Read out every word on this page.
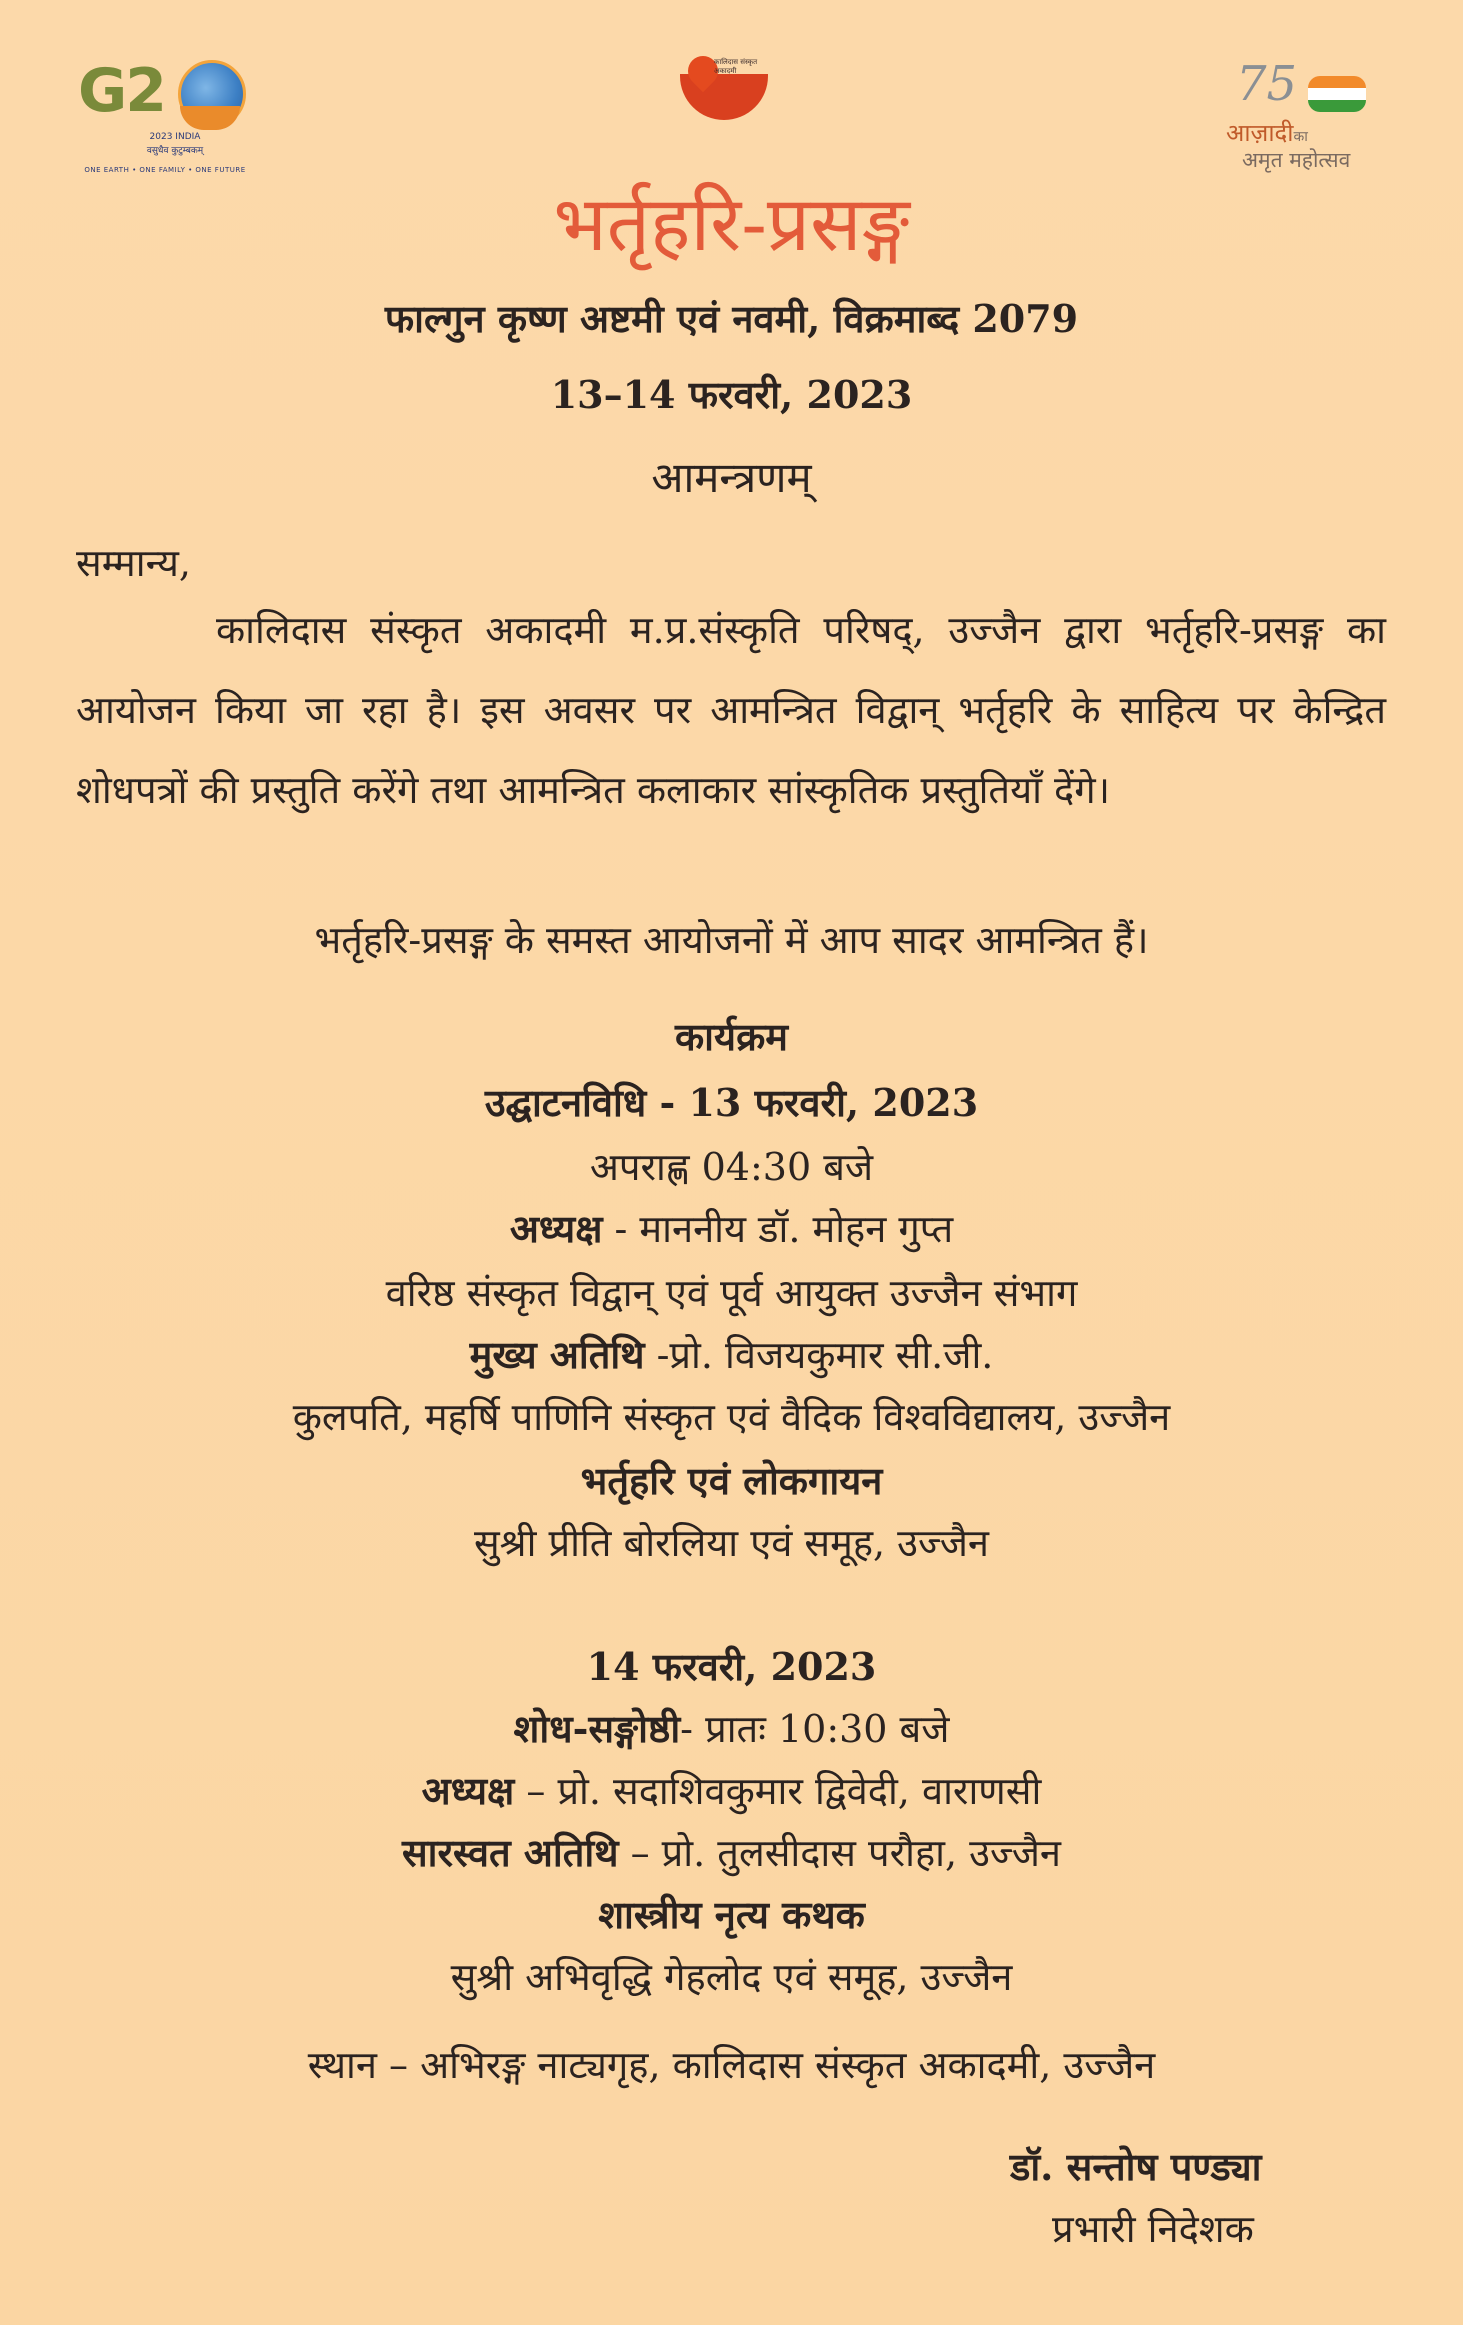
G2
2023 INDIA
वसुधैव कुटुम्बकम्
ONE EARTH • ONE FAMILY • ONE FUTURE
कालिदास संस्कृत अकादमी	75
आज़ादीका
अमृत महोत्सव
भर्तृहरि-प्रसङ्ग
फाल्गुन कृष्ण अष्टमी एवं नवमी, विक्रमाब्द 2079
13–14 फरवरी, 2023
आमन्त्रणम्
सम्मान्य,
कालिदास संस्कृत अकादमी म.प्र.संस्कृति परिषद्, उज्जैन द्वारा भर्तृहरि-प्रसङ्ग का आयोजन किया जा रहा है। इस अवसर पर आमन्त्रित विद्वान् भर्तृहरि के साहित्य पर केन्द्रित शोधपत्रों की प्रस्तुति करेंगे तथा आमन्त्रित कलाकार सांस्कृतिक प्रस्तुतियाँ देंगे।
भर्तृहरि-प्रसङ्ग के समस्त आयोजनों में आप सादर आमन्त्रित हैं।
कार्यक्रम
उद्घाटनविधि - 13 फरवरी, 2023
अपराह्ण 04:30 बजे
अध्यक्ष - माननीय डॉ. मोहन गुप्त
वरिष्ठ संस्कृत विद्वान् एवं पूर्व आयुक्त उज्जैन संभाग
मुख्य अतिथि -प्रो. विजयकुमार सी.जी.
कुलपति, महर्षि पाणिनि संस्कृत एवं वैदिक विश्वविद्यालय, उज्जैन
भर्तृहरि एवं लोकगायन
सुश्री प्रीति बोरलिया एवं समूह, उज्जैन
14 फरवरी, 2023
शोध-सङ्गोष्ठी- प्रातः 10:30 बजे
अध्यक्ष – प्रो. सदाशिवकुमार द्विवेदी, वाराणसी
सारस्वत अतिथि – प्रो. तुलसीदास परौहा, उज्जैन
शास्त्रीय नृत्य कथक
सुश्री अभिवृद्धि गेहलोद एवं समूह, उज्जैन
स्थान – अभिरङ्ग नाट्यगृह, कालिदास संस्कृत अकादमी, उज्जैन
डॉ. सन्तोष पण्ड्या
प्रभारी निदेशक
